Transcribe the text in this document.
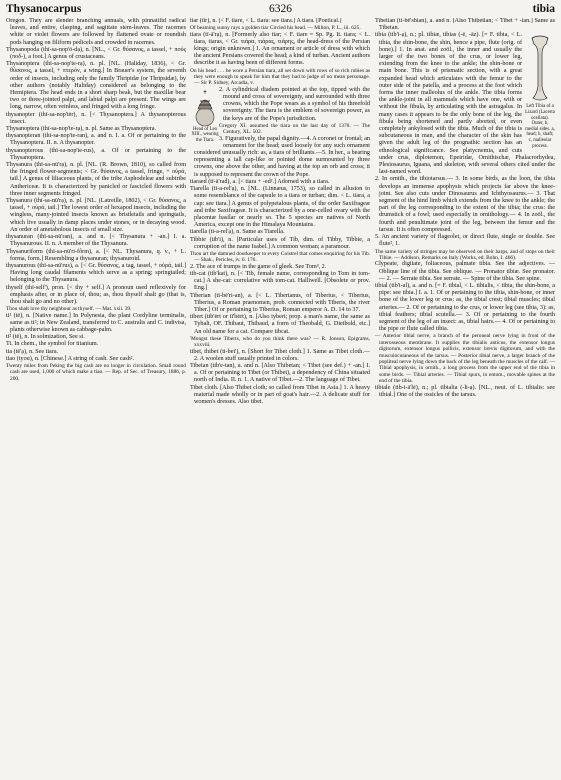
Thysanocarpus	6326	tibia

Oregon. They are slender branching annuals, with pinnatifid radical leaves, and entire, clasping, and sagittate stem-leaves. The racemes white or violet flowers are followed by flattened ovate or roundish pods hanging on filiform pedicels and crowded in racemes.

Thysanopoda (thī-sa-nop'ō-dạ), n. [NL., < Gr. θύσανος, a tassel, + πούς (ποδ-), a foot.] A genus of crustaceans.

Thysanoptera (thī-sa-nop'te-rạ), n. pl. [NL. (Haliday, 1836), < Gr. θύσανος, a tassel, + πτερόν, a wing.] In Brauer's system, the seventh order of insects, including only the family Thripidæ (or Thripsidæ), by other authors (notably Haliday) considered as belonging to the Hemiptera. The head ends in a short sharp beak, but the maxillæ bear two or three-jointed palpi, and labial palpi are present. The wings are long, narrow, often veinless, and fringed with a long fringe.

thysanopter (thī-sa-nop'tėr), n. [< Thysanoptera.] A thysanopterous insect.

Thysanoptera (thī-sa-nop'te-rạ), n. pl. Same as Thysanoptera.

thysanopteran (thī-sa-nop'te-ran), a. and n. I. a. Of or pertaining to the Thysanoptera. II. n. A thysanopter.

thysanopterous (thī-sa-nop'te-rus), a. Of or pertaining to the Thysanoptera.

Thysanura (thī-sa-nū'rạ), n. pl. [NL. (R. Brown, 1810), so called from the fringed flower-segments; < Gr. θύσανος, a tassel, fringe, + οὐρά, tail.] A genus of liliaceous plants, of the tribe Asphodeleæ and subtribe Anthericeæ. It is characterized by panicled or fascicled flowers with three inner segments fringed.

Thysanura (thī-sa-nū'rạ), n. pl. [NL. (Latreille, 1802), < Gr. θύσανος, a tassel, + οὐρά, tail.] The lowest order of hexapod insects, including the wingless, many-jointed insects known as bristletails and springtails, which live usually in damp places under stones, or in decaying wood. An order of ametabolous insects of small size.

thysanuran (thī-sa-nū'ran), a. and n. [< Thysanura + -an.] I. a. Thysanurous. II. n. A member of the Thysanura.

Thysanuriform (thī-sa-nū'ri-fôrm), a. [< NL. Thysanura, q. v., + L. forma, form.] Resembling a thysanuran; thysanuroid.

thysanurous (thī-sa-nū'rus), a. [< Gr. θύσανος, a tag, tassel, + οὐρά, tail.] Having long caudal filaments which serve as a spring; springtailed; belonging to the Thysanura.

thyself (thī-self'), pron. [< thy + self.] A pronoun used reflexively for emphasis after, or in place of, thou; as, thou thyself shalt go (that is, thou shalt go and no other).

Thou shalt love thy neighbour as thyself. — Mat. xxii. 39.

ti¹ (tē), n. [Native name.] In Polynesia, the plant Cordyline terminalis, same as ti²; in New Zealand, transferred to C. australis and C. indivisa, plants otherwise known as cabbage-palm.

ti² (tē), n. In solmization, See si.

Ti. In chem., the symbol for titanium.

tia (tē'ạ), n. See tiara.

tiao (tyou), n. [Chinese.] A string of cash. See cash².

Twenty miles from Peking the big cash are no longer in circulation. Small round cash are used, 1,000 of which make a tiao. — Rep. of Sec. of Treasury, 1886, p. 200.

tiar (tīr), n. [< F. tiare, < L. tiara: see tiara.] A tiara. [Poetical.]

Of beaming sunny rays a golden tiar Circled his head. — Milton, P. L., iii. 625.

tiara (tī-ā'rạ), n. [Formerly also tiar; < F. tiare = Sp. Pg. It. tiara; < L. tiara, tiaras, < Gr. τιάρα, τιάρας, τιάρης, the head-dress of the Persian kings; origin unknown.] 1. An ornament or article of dress with which the ancient Persians covered the head; a kind of turban. Ancient authors describe it as having been of different forms.

On his head . . . he wore a Persian tiara, all set down with rows of so rich rubies as they were enough to speak for him that they had to judge of no mean personage. — Sir P. Sidney, Arcadia, v.

Head of Leo XIII., wearing the Tiara.

2. A cylindrical diadem pointed at the top, tipped with the mound and cross of sovereignty, and surrounded with three crowns, which the Pope wears as a symbol of his threefold sovereignty. The tiara is the emblem of sovereign power, as the keys are of the Pope's jurisdiction.

Gregory XI. assumed the tiara on the last day of 1370. — The Century, XL. 502.

3. Figuratively, the papal dignity.—4. A coronet or frontal; an ornament for the head; used loosely for any such ornament considered unusually rich: as, a tiara of brilliants.—5. In her., a bearing representing a tall cap-like or pointed dome surmounted by three crowns, one above the other, and having at the top an orb and cross; it is supposed to represent the crown of the Pope.

tiaraed (tī-ā'rad), a. [< tiara + -ed².] Adorned with a tiara.

Tiarella (tī-a-rel'ạ), n. [NL. (Linnæus, 1753), so called in allusion to some resemblance of the capsule to a tiara or turban; dim. < L. tiara, a cap: see tiara.] A genus of polypetalous plants, of the order Saxifrageæ and tribe Saxifrageæ. It is characterized by a one-celled ovary with the placentæ basilar or nearly so. The 5 species are natives of North America, except one in the Himalaya Mountains.

tiarella (tī-a-rel'ạ), n. Same as Tiarella.

Tibbie (tib'i), n. [Particular uses of Tib, dim. of Tibby, Tibbie, a corruption of the name Isabel.] A common woman; a paramour.

Thou art the damned doorkeeper to every Coistrel that comes enquiring for his Tib. — Shak., Pericles, iv. 6. 176.

2. The ace of trumps in the game of gleek. See Tom³, 2.

tib-cat (tib'kat), n. [< Tib, female name, corresponding to Tom in tom-cat.] A she-cat: correlative with tom-cat. Halliwell. [Obsolete or prov. Eng.]

Tiberian (tī-bē'ri-an), a. [< L. Tiberianus, of Tiberius, < Tiberius, Tiberius, a Roman praenomen, prob. connected with Tiberis, the river Tiber.] Of or pertaining to Tiberius, Roman emperor A. D. 14 to 37.

tibert (tib'ėrt or tī'bėrt), n. [Also tybert; prop. a man's name, the same as Tybalt, OF. Thibaut, Thibaud, a form of Theobald, G. Dietbold, etc.] An old name for a cat. Compare tibcat.

'Mongst these Tiberts, who do you think there was? — R. Jonson, Epigrams, xxxviii.

tibet, thibet (ti-bet'), n. [Short for Tibet cloth.] 1. Same as Tibet cloth.—2. A woolen stuff usually printed in colors.

Tibetan (tib'e-tan), a. and n. [Also Thibetan; < Tibet (see def.) + -an.] I. a. Of or pertaining to Tibet (or Thibet), a dependency of China situated north of India. II. n. 1. A native of Tibet.—2. The language of Tibet.

Tibet cloth. [Also Thibet cloth; so called from Tibet in Asia.] 1. A heavy material made wholly or in part of goat's hair.—2. A delicate stuff for women's dresses. Also tibet.

Tibetian (ti-bē'shian), a. and n. [Also Thibetian; < Tibet + -ian.] Same as Tibetan.

Left Tibia of a Lizard (Lacerta ocellata). Outer, b, medial sides. a, head; b, shaft; c, malleolar process.

tibia (tib'i-ạ), n.; pl. tibiæ, tibias (-ē, -āz). [= F. tibia, < L. tibia, the shin-bone, the shin, hence a pipe, flute (orig. of bone).] 1. In anat. and zoöl., the inner and usually the larger of the two bones of the crus, or lower leg, extending from the knee to the ankle; the shin-bone or main bone. This is of prismatic section, with a great expanded head which articulates with the femur to the outer side of the patella, and a process at the foot which forms the inner malleolus of the ankle. The tibia forms the ankle-joint in all mammals which have one, with or without the fibula, by articulating with the astragalus. In many cases it appears to be the only bone of the leg, the fibula being shortened and partly aborted, or even completely ankylosed with the tibia. Much of the tibia is subcutaneous in man, and the character of the skin has given the adult leg of the prognathic section has an ethnological significance. See platycnemia, and cuts under crus, diplotemon, Epeiridæ, Ornithischæ, Phalacrorhydea, Plesiosaurus, Iguana, and skeleton, with several others cited under the last-named word.

2. In ornith., the tibiotarsus.— 3. In some birds, as the loon, the tibia develops an immense apophysis which projects far above the knee-joint. See also cuts under Dinosaurus and Ichthyosaurus.— 3. That segment of the hind limb which extends from the knee to the ankle; the part of the leg corresponding to the extent of the tibia; the crus: the drumstick of a fowl; used especially in ornithology.— 4. In zoöl., the fourth and penultimate joint of the leg, between the femur and the tarsus. It is often compressed.

5. An ancient variety of flageolet, or direct flute, single or double. See flute², 1.

The same variety of stringes may be observed on their harps, and of stops on their Tibiæ. — Addison, Remarks on Italy (Works, ed. Bohn, I. 466).

Clypeate, digitate, foliaceous, palmate tibia. See the adjectives. — Oblique line of the tibia. See oblique. — Pronator tibiæ. See pronator. — 2. — Serrate tibia. See serrate. — Spine of the tibia. See spine.

tibial (tib'i-al), a. and n. [= F. tibial, < L. tibialis, < tibia, the shin-bone, a pipe: see tibia.] I. a. 1. Of or pertaining to the tibia, shin-bone, or inner bone of the lower leg or crus: as, the tibial crest; tibial muscles; tibial arteries.— 2. Of or pertaining to the crus, or lower leg (see tibia, 3): as, tibial feathers; tibial scutella.— 3. Of or pertaining to the fourth segment of the leg of an insect: as, tibial hairs.— 4. Of or pertaining to the pipe or flute called tibia.

— Anterior tibial nerve, a branch of the peroneal nerve lying in front of the interosseous membrane. It supplies the tibialis anticus, the extensor longus digitorum, extensor longus pollicis, extensor brevis digitorum, and with the musculocutaneous of the tarsus. — Posterior tibial nerve, a larger branch of the popliteal nerve lying down the back of the leg beneath the muscles of the calf. — Tibial apophysis, in ornith., a long process from the upper end of the tibia in some birds. — Tibial arteries. — Tibial spurs, in entom., movable spines at the end of the tibia.

tibiale (tib-i-ā'lē), n.; pl. tibialia (-li-ạ). [NL., neut. of L. tibialis: see tibial.] One of the ossicles of the tarsus.
